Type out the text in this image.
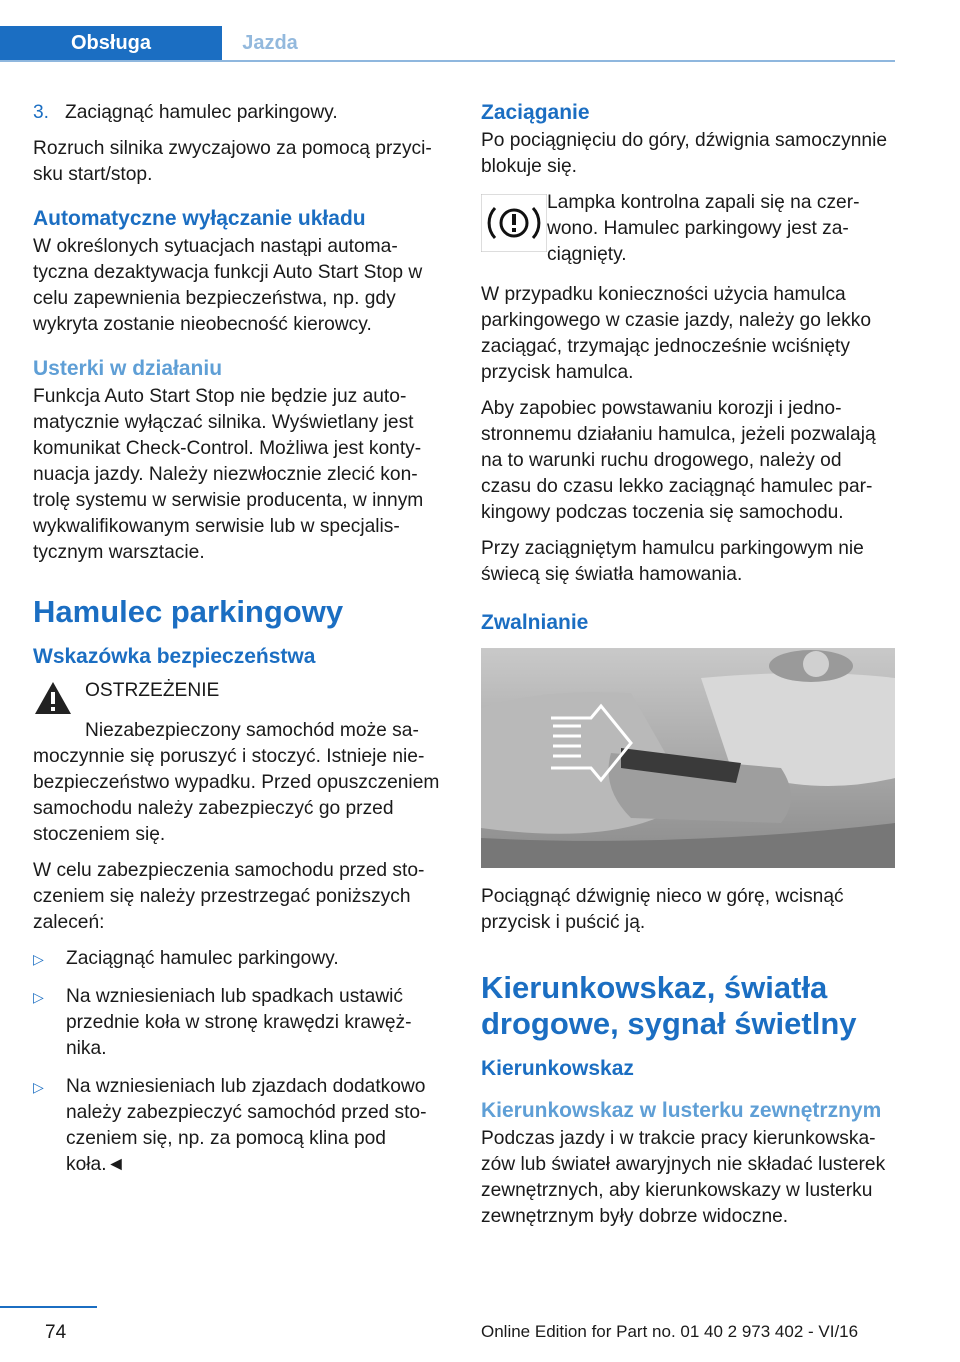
Obsługa	Jazda
3. Zaciągnąć hamulec parkingowy.

Rozruch silnika zwyczajowo za pomocą przycisku start/stop.

Automatyczne wyłączanie układu

W określonych sytuacjach nastąpi automatyczna dezaktywacja funkcji Auto Start Stop w celu zapewnienia bezpieczeństwa, np. gdy wykryta zostanie nieobecność kierowcy.

Usterki w działaniu

Funkcja Auto Start Stop nie będzie juz automatycznie wyłączać silnika. Wyświetlany jest komunikat Check-Control. Możliwa jest kontynuacja jazdy. Należy niezwłocznie zlecić kontrolę systemu w serwisie producenta, w innym wykwalifikowanym serwisie lub w specjalistycznym warsztacie.

Hamulec parkingowy
Wskazówka bezpieczeństwa
OSTRZEŻENIE

Niezabezpieczony samochód może samoczynnie się poruszyć i stoczyć. Istnieje niebezpieczeństwo wypadku. Przed opuszczeniem samochodu należy zabezpieczyć go przed stoczeniem się.

W celu zabezpieczenia samochodu przed stoczeniem się należy przestrzegać poniższych zaleceń:

▷	Zaciągnąć hamulec parkingowy.
▷	Na wzniesieniach lub spadkach ustawić przednie koła w stronę krawędzi krawężnika.
▷	Na wzniesieniach lub zjazdach dodatkowo należy zabezpieczyć samochód przed stoczeniem się, np. za pomocą klina pod koła.◄
Zaciąganie

Po pociągnięciu do góry, dźwignia samoczynnie blokuje się.

Lampka kontrolna zapali się na czerwono. Hamulec parkingowy jest zaciągnięty.

W przypadku konieczności użycia hamulca parkingowego w czasie jazdy, należy go lekko zaciągać, trzymając jednocześnie wciśnięty przycisk hamulca.

Aby zapobiec powstawaniu korozji i jednostronnemu działaniu hamulca, jeżeli pozwalają na to warunki ruchu drogowego, należy od czasu do czasu lekko zaciągnąć hamulec parkingowy podczas toczenia się samochodu.

Przy zaciągniętym hamulcu parkingowym nie świecą się światła hamowania.

Zwalnianie

Pociągnąć dźwignię nieco w górę, wcisnąć przycisk i puścić ją.

Kierunkowskaz, światła drogowe, sygnał świetlny
Kierunkowskaz
Kierunkowskaz w lusterku zewnętrznym

Podczas jazdy i w trakcie pracy kierunkowskazów lub świateł awaryjnych nie składać lusterek zewnętrznych, aby kierunkowskazy w lusterku zewnętrznym były dobrze widoczne.

74	Online Edition for Part no. 01 40 2 973 402 - VI/16
